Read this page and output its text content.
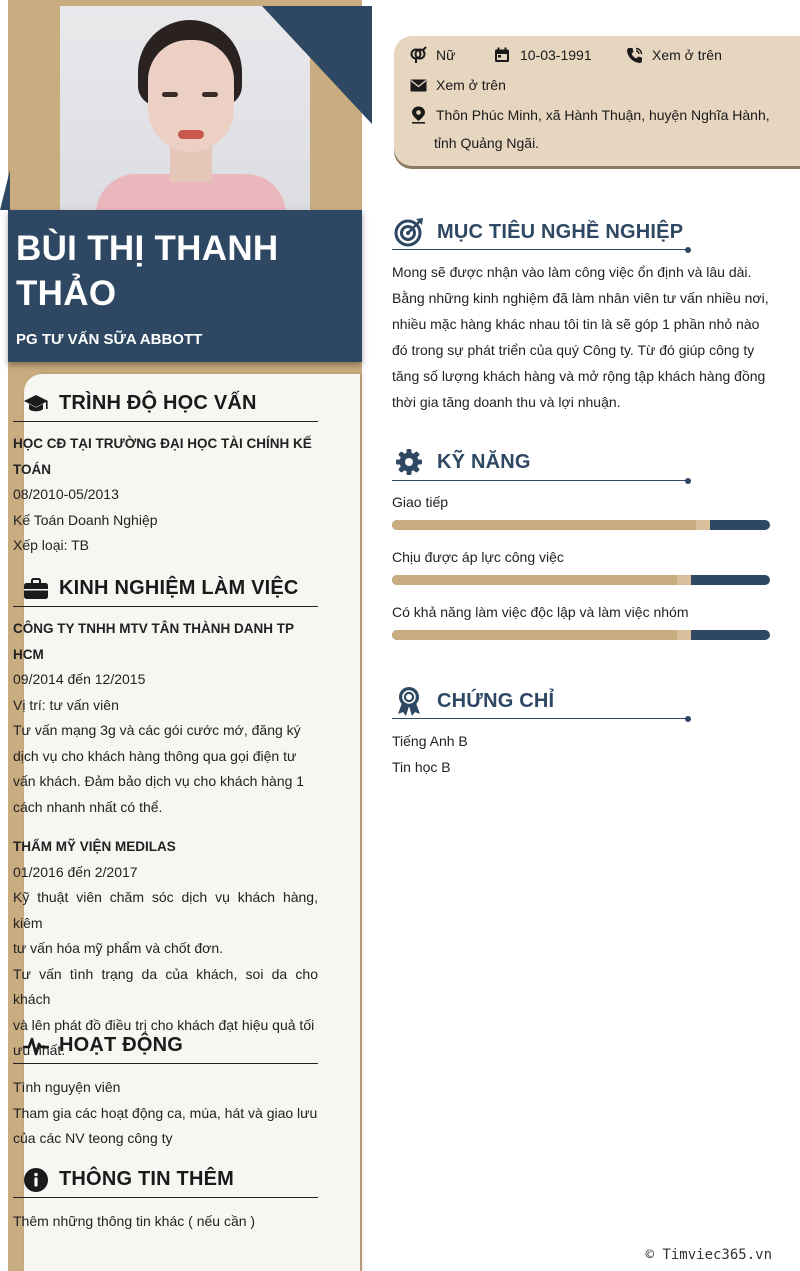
BÙI THỊ THANH
THẢO
PG TƯ VẤN SỮA ABBOTT
TRÌNH ĐỘ HỌC VẤN
HỌC CĐ TẠI TRƯỜNG ĐẠI HỌC TÀI CHÍNH KẾ
TOÁN
08/2010-05/2013
Kế Toán Doanh Nghiệp
Xếp loại: TB
KINH NGHIỆM LÀM VIỆC
CÔNG TY TNHH MTV TÂN THÀNH DANH TP
HCM
09/2014 đến 12/2015
Vị trí: tư vấn viên
Tư vấn mạng 3g và các gói cước mớ, đăng ký
dịch vụ cho khách hàng thông qua gọi điện tư
vấn khách. Đảm bảo dịch vụ cho khách hàng 1
cách nhanh nhất có thể.
THẨM MỸ VIỆN MEDILAS
01/2016 đến 2/2017
Kỹ thuật viên chăm sóc dịch vụ khách hàng, kiêm
tư vấn hóa mỹ phẩm và chốt đơn.
Tư vấn tình trạng da của khách, soi da cho khách
và lên phát đồ điều trị cho khách đạt hiệu quả tối
ưu nhất.
HOẠT ĐỘNG
Tình nguyện viên
Tham gia các hoạt động ca, múa, hát và giao lưu
của các NV teong công ty
THÔNG TIN THÊM
Thêm những thông tin khác ( nếu cần )
Nữ	10-03-1991	Xem ở trên
Xem ở trên
Thôn Phúc Minh, xã Hành Thuận, huyện Nghĩa Hành,
tỉnh Quảng Ngãi.
MỤC TIÊU NGHỀ NGHIỆP
Mong sẽ được nhận vào làm công việc ổn định và lâu dài.
Bằng những kinh nghiệm đã làm nhân viên tư vấn nhiều nơi,
nhiều mặc hàng khác nhau tôi tin là sẽ góp 1 phần nhỏ nào
đó trong sự phát triển của quý Công ty. Từ đó giúp công ty
tăng số lượng khách hàng và mở rộng tập khách hàng đồng
thời gia tăng doanh thu và lợi nhuận.
KỸ NĂNG
Giao tiếp
Chịu được áp lực công việc
Có khả năng làm việc độc lập và làm việc nhóm
CHỨNG CHỈ
Tiếng Anh B
Tin học B
© Timviec365.vn
